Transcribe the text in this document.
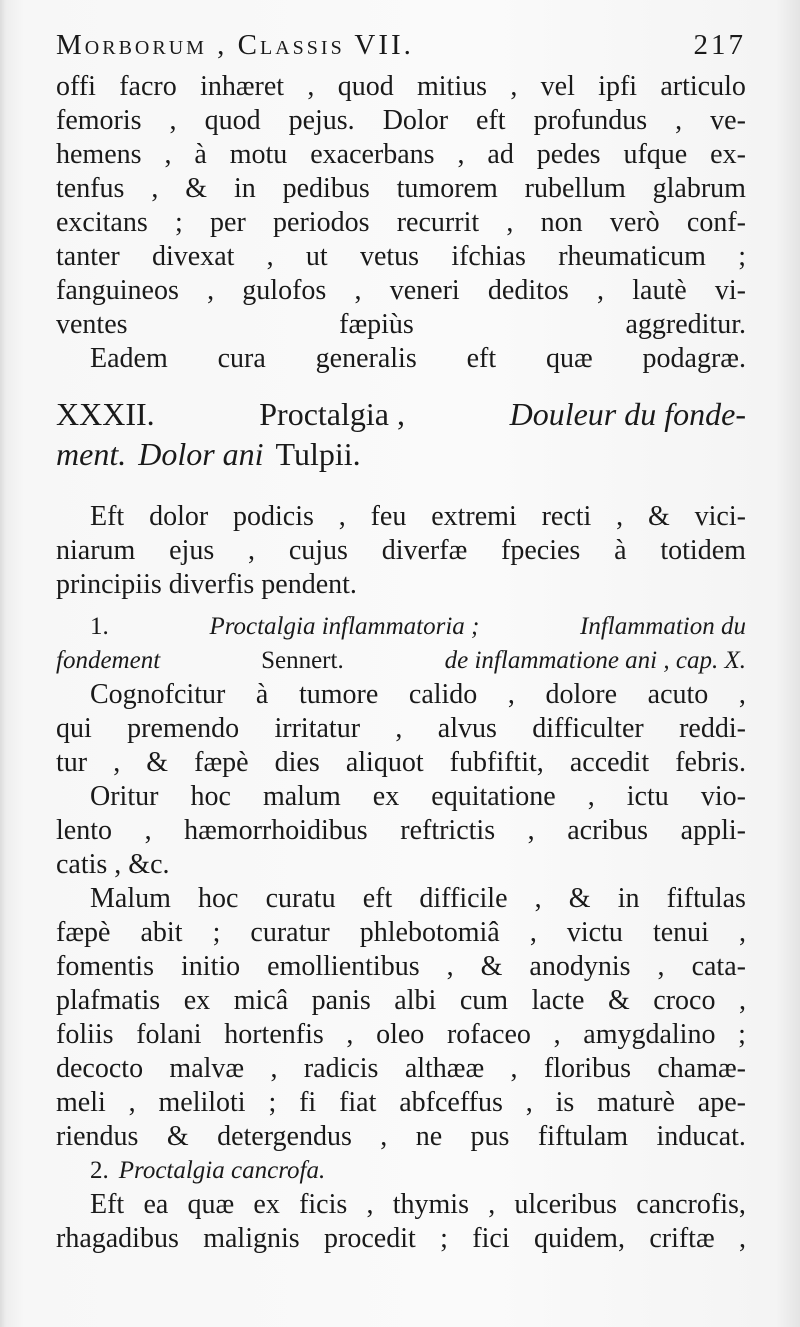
Morborum , Classis VII.	217
offi facro inhæret , quod mitius , vel ipfi articulo
femoris , quod pejus. Dolor eft profundus , ve-
hemens , à motu exacerbans , ad pedes ufque ex-
tenfus , & in pedibus tumorem rubellum glabrum
excitans ; per periodos recurrit , non verò conf-
tanter divexat , ut vetus ifchias rheumaticum ;
fanguineos , gulofos , veneri deditos , lautè vi-
ventes	fæpiùs	aggreditur.
Eadem cura generalis eft quæ podagræ.
XXXII.	Proctalgia ,	Douleur du fonde-
ment. Dolor ani Tulpii.
Eft dolor podicis , feu extremi recti , & vici-
niarum ejus , cujus diverfæ fpecies à totidem
principiis diverfis pendent.
1.	Proctalgia inflammatoria ;	Inflammation du
fondement	Sennert.	de inflammatione ani , cap. X.
Cognofcitur à tumore calido , dolore acuto ,
qui premendo irritatur , alvus difficulter reddi-
tur , & fæpè dies aliquot fubfiftit, accedit febris.
Oritur hoc malum ex equitatione , ictu vio-
lento , hæmorrhoidibus reftrictis , acribus appli-
catis , &c.
Malum hoc curatu eft difficile , & in fiftulas
fæpè abit ; curatur phlebotomiâ , victu tenui ,
fomentis initio emollientibus , & anodynis , cata-
plafmatis ex micâ panis albi cum lacte & croco ,
foliis folani hortenfis , oleo rofaceo , amygdalino ;
decocto malvæ , radicis althææ , floribus chamæ-
meli , meliloti ; fi fiat abfceffus , is maturè ape-
riendus & detergendus , ne pus fiftulam inducat.
2. Proctalgia cancrofa.
Eft ea quæ ex ficis , thymis , ulceribus cancrofis,
rhagadibus malignis procedit ; fici quidem, criftæ ,
